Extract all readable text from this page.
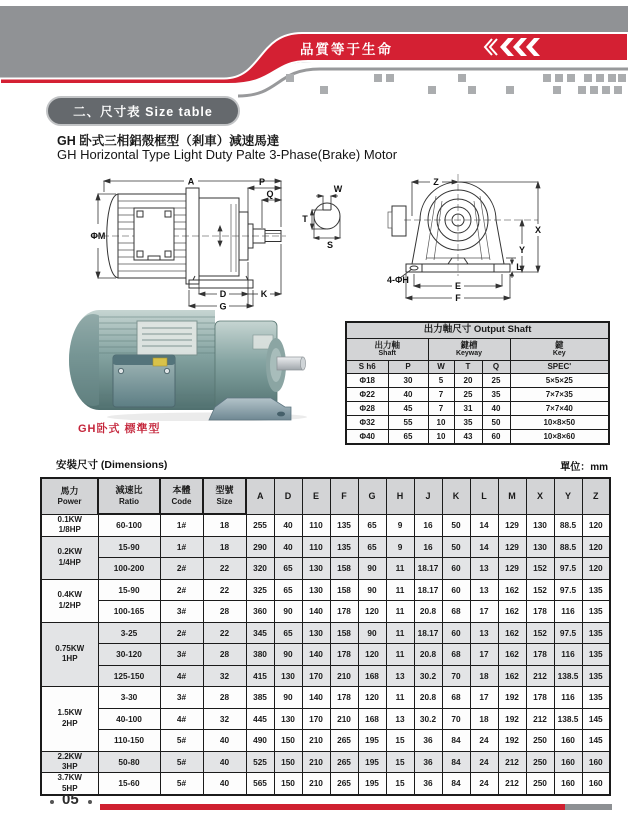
品質等于生命
二、尺寸表 Size table
GH 卧式三相鋁殼框型（剎車）減速馬達
GH Horizontal Type Light Duty Palte 3-Phase(Brake) Motor
A
ΦM
P
Q
D	K
G
W
T
S
Z
X
Y
L
E
F
4-ΦH
GH卧式 標準型
出力軸尺寸 Output Shaft					

出力軸
Shaft

鍵槽
Keyway

鍵
Key

S h6	P	W	T	Q	SPEC'
Φ18	30	5	20	25	5×5×25
Φ22	40	7	25	35	7×7×35
Φ28	45	7	31	40	7×7×40
Φ32	55	10	35	50	10×8×50
Φ40	65	10	43	60	10×8×60
安裝尺寸 (Dimensions)	單位：mm
馬力
Power

減速比
Ratio

本體
Code

型號
Size
	A	D	E	F	G	H	J	K	L	M	X	Y	Z

0.1KW
1/8HP	60-100	1#	18	255	40	110	135	65	9	16	50	14	129	130	88.5	120

0.2KW
1/4HP	15-90	1#	18	290	40	110	135	65	9	16	50	14	129	130	88.5	120
	100-200	2#	22	320	65	130	158	90	11	18.17	60	13	129	152	97.5	120

0.4KW
1/2HP	15-90	2#	22	325	65	130	158	90	11	18.17	60	13	162	152	97.5	135
	100-165	3#	28	360	90	140	178	120	11	20.8	68	17	162	178	116	135

0.75KW
1HP	3-25	2#	22	345	65	130	158	90	11	18.17	60	13	162	152	97.5	135
	30-120	3#	28	380	90	140	178	120	11	20.8	68	17	162	178	116	135
	125-150	4#	32	415	130	170	210	168	13	30.2	70	18	162	212	138.5	135

1.5KW
2HP	3-30	3#	28	385	90	140	178	120	11	20.8	68	17	192	178	116	135
	40-100	4#	32	445	130	170	210	168	13	30.2	70	18	192	212	138.5	145
	110-150	5#	40	490	150	210	265	195	15	36	84	24	192	250	160	145

2.2KW
3HP	50-80	5#	40	525	150	210	265	195	15	36	84	24	212	250	160	160

3.7KW
5HP	15-60	5#	40	565	150	210	265	195	15	36	84	24	212	250	160	160
05
